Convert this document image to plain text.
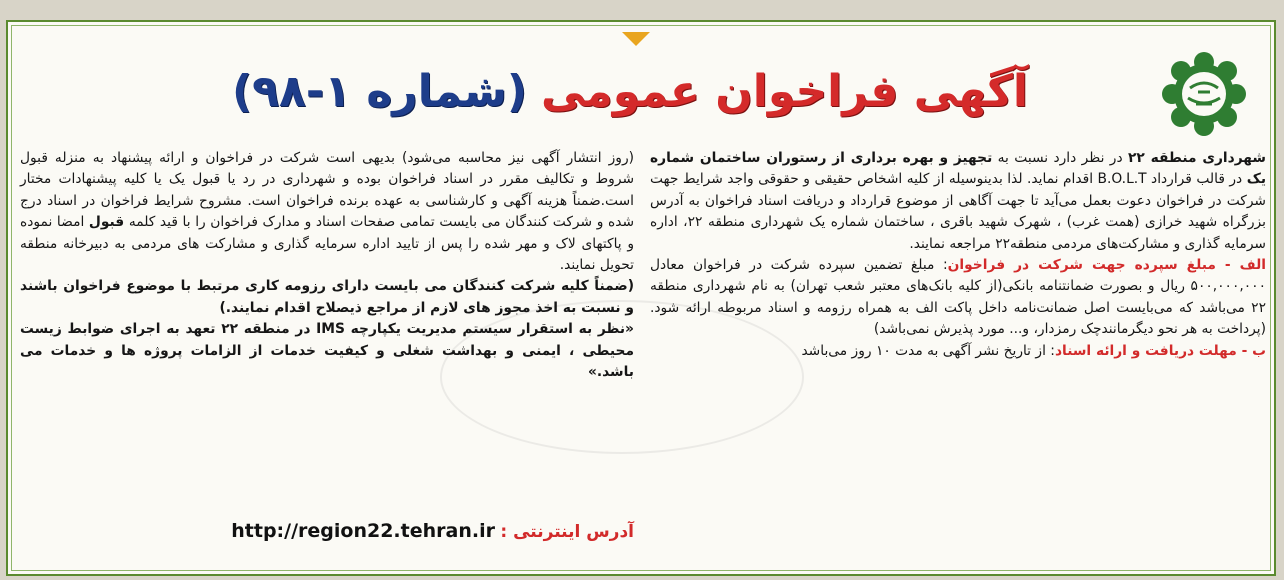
آگهی فراخوان عمومی
(شماره ۱-۹۸)

شهرداری منطقه ۲۲ در نظر دارد نسبت به تجهیز و بهره برداری از رستوران ساختمان شماره یک در قالب قرارداد B.O.L.T اقدام نماید. لذا بدینوسیله از کلیه اشخاص حقیقی و حقوقی واجد شرایط جهت شرکت در فراخوان دعوت بعمل می‌آید تا جهت آگاهی از موضوع قرارداد و دریافت اسناد فراخوان به آدرس بزرگراه شهید خرازی (همت غرب) ، شهرک شهید باقری ، ساختمان شماره یک شهرداری منطقه ۲۲، اداره سرمایه گذاری و مشارکت‌های مردمی منطقه۲۲ مراجعه نمایند.

الف - مبلغ سپرده جهت شرکت در فراخوان: مبلغ تضمین سپرده شرکت در فراخوان معادل ۵۰۰,۰۰۰,۰۰۰ ریال و بصورت ضمانتنامه بانکی(از کلیه بانک‌های معتبر شعب تهران) به نام شهرداری منطقه ۲۲ می‌باشد که می‌بایست اصل ضمانت‌نامه داخل پاکت الف به همراه رزومه و اسناد مربوطه ارائه شود. (پرداخت به هر نحو دیگرمانندچک رمزدار، و... مورد پذیرش نمی‌باشد)

ب - مهلت دریافت و ارائه اسناد: از تاریخ نشر آگهی به مدت ۱۰ روز می‌باشد

(روز انتشار آگهی نیز محاسبه می‌شود) بدیهی است شرکت در فراخوان و ارائه پیشنهاد به منزله قبول شروط و تکالیف مقرر در اسناد فراخوان بوده و شهرداری در رد یا قبول یک یا کلیه پیشنهادات مختار است.ضمناً هزینه آگهی و کارشناسی به عهده برنده فراخوان است. مشروح شرایط فراخوان در اسناد درج شده و شرکت کنندگان می بایست تمامی صفحات اسناد و مدارک فراخوان را با قید کلمه قبول امضا نموده و پاکتهای لاک و مهر شده را پس از تایید اداره سرمایه گذاری و مشارکت های مردمی به دبیرخانه منطقه تحویل نمایند.

(ضمناً کلیه شرکت کنندگان می بایست دارای رزومه کاری مرتبط با موضوع فراخوان باشند و نسبت به اخذ مجوز های لازم از مراجع ذیصلاح اقدام نمایند.)

«نظر به استقرار سیستم مدیریت یکپارچه IMS در منطقه ۲۲ تعهد به اجرای ضوابط زیست محیطی ، ایمنی و بهداشت شغلی و کیفیت خدمات از الزامات پروژه ها و خدمات می باشد.»

آدرس اینترنتی : http://region22.tehran.ir
